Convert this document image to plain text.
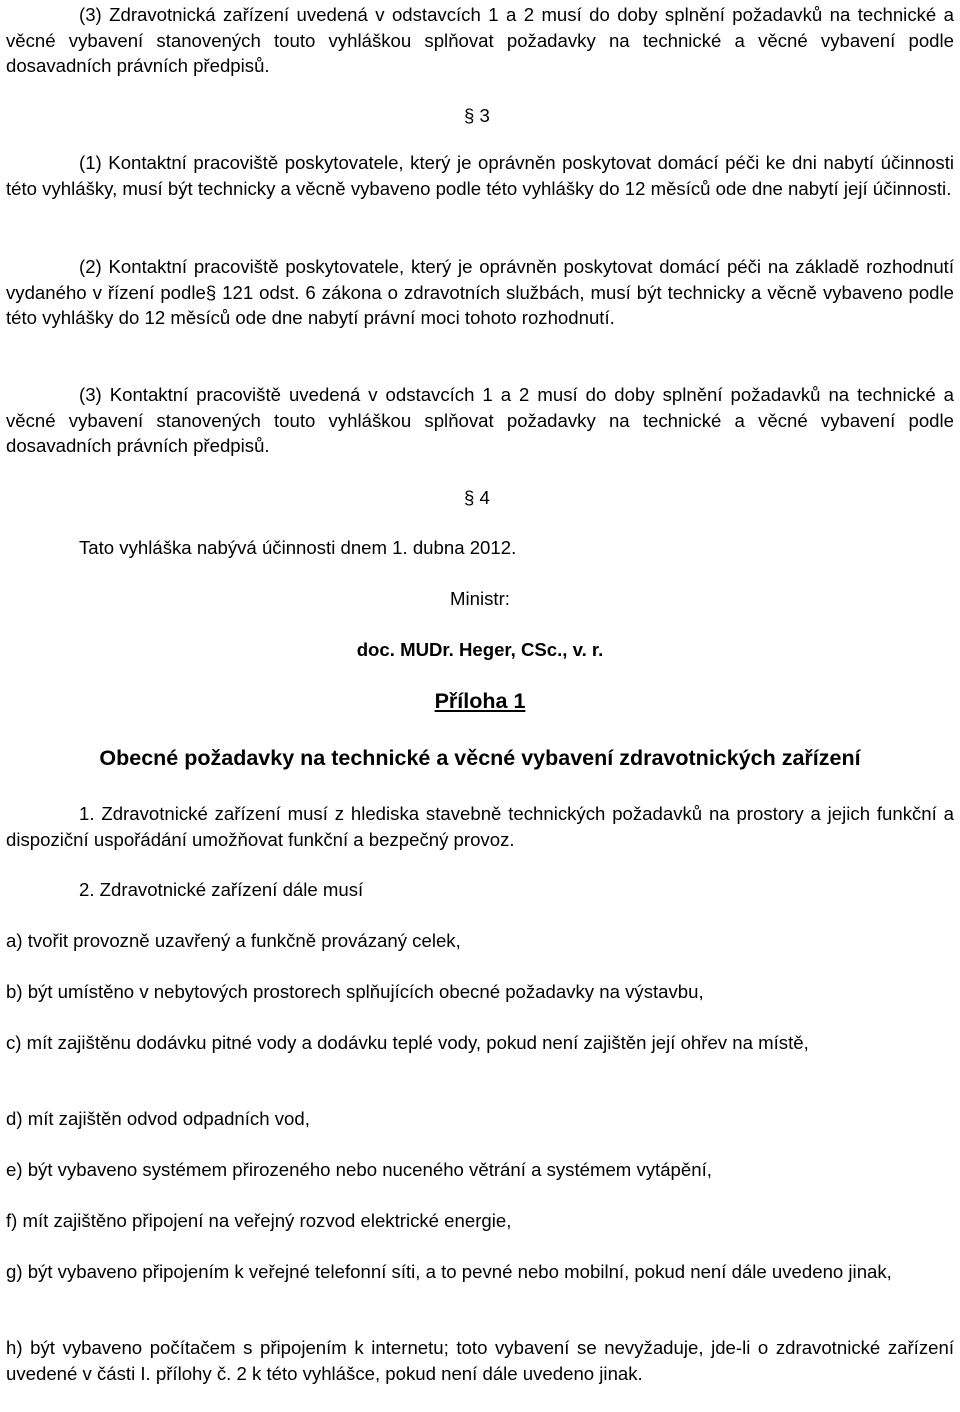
(3) Zdravotnická zařízení uvedená v odstavcích 1 a 2 musí do doby splnění požadavků na technické a věcné vybavení stanovených touto vyhláškou splňovat požadavky na technické a věcné vybavení podle dosavadních právních předpisů.

§ 3

(1) Kontaktní pracoviště poskytovatele, který je oprávněn poskytovat domácí péči ke dni nabytí účinnosti této vyhlášky, musí být technicky a věcně vybaveno podle této vyhlášky do 12 měsíců ode dne nabytí její účinnosti.

(2) Kontaktní pracoviště poskytovatele, který je oprávněn poskytovat domácí péči na základě rozhodnutí vydaného v řízení podle§ 121 odst. 6 zákona o zdravotních službách, musí být technicky a věcně vybaveno podle této vyhlášky do 12 měsíců ode dne nabytí právní moci tohoto rozhodnutí.

(3) Kontaktní pracoviště uvedená v odstavcích 1 a 2 musí do doby splnění požadavků na technické a věcné vybavení stanovených touto vyhláškou splňovat požadavky na technické a věcné vybavení podle dosavadních právních předpisů.

§ 4

Tato vyhláška nabývá účinnosti dnem 1. dubna 2012.

Ministr:

doc. MUDr. Heger, CSc., v. r.

Příloha 1

Obecné požadavky na technické a věcné vybavení zdravotnických zařízení

1. Zdravotnické zařízení musí z hlediska stavebně technických požadavků na prostory a jejich funkční a dispoziční uspořádání umožňovat funkční a bezpečný provoz.

2. Zdravotnické zařízení dále musí

a) tvořit provozně uzavřený a funkčně provázaný celek,

b) být umístěno v nebytových prostorech splňujících obecné požadavky na výstavbu,

c) mít zajištěnu dodávku pitné vody a dodávku teplé vody, pokud není zajištěn její ohřev na místě,

d) mít zajištěn odvod odpadních vod,

e) být vybaveno systémem přirozeného nebo nuceného větrání a systémem vytápění,

f) mít zajištěno připojení na veřejný rozvod elektrické energie,

g) být vybaveno připojením k veřejné telefonní síti, a to pevné nebo mobilní, pokud není dále uvedeno jinak,

h) být vybaveno počítačem s připojením k internetu; toto vybavení se nevyžaduje, jde-li o zdravotnické zařízení uvedené v části I. přílohy č. 2 k této vyhlášce, pokud není dále uvedeno jinak.
